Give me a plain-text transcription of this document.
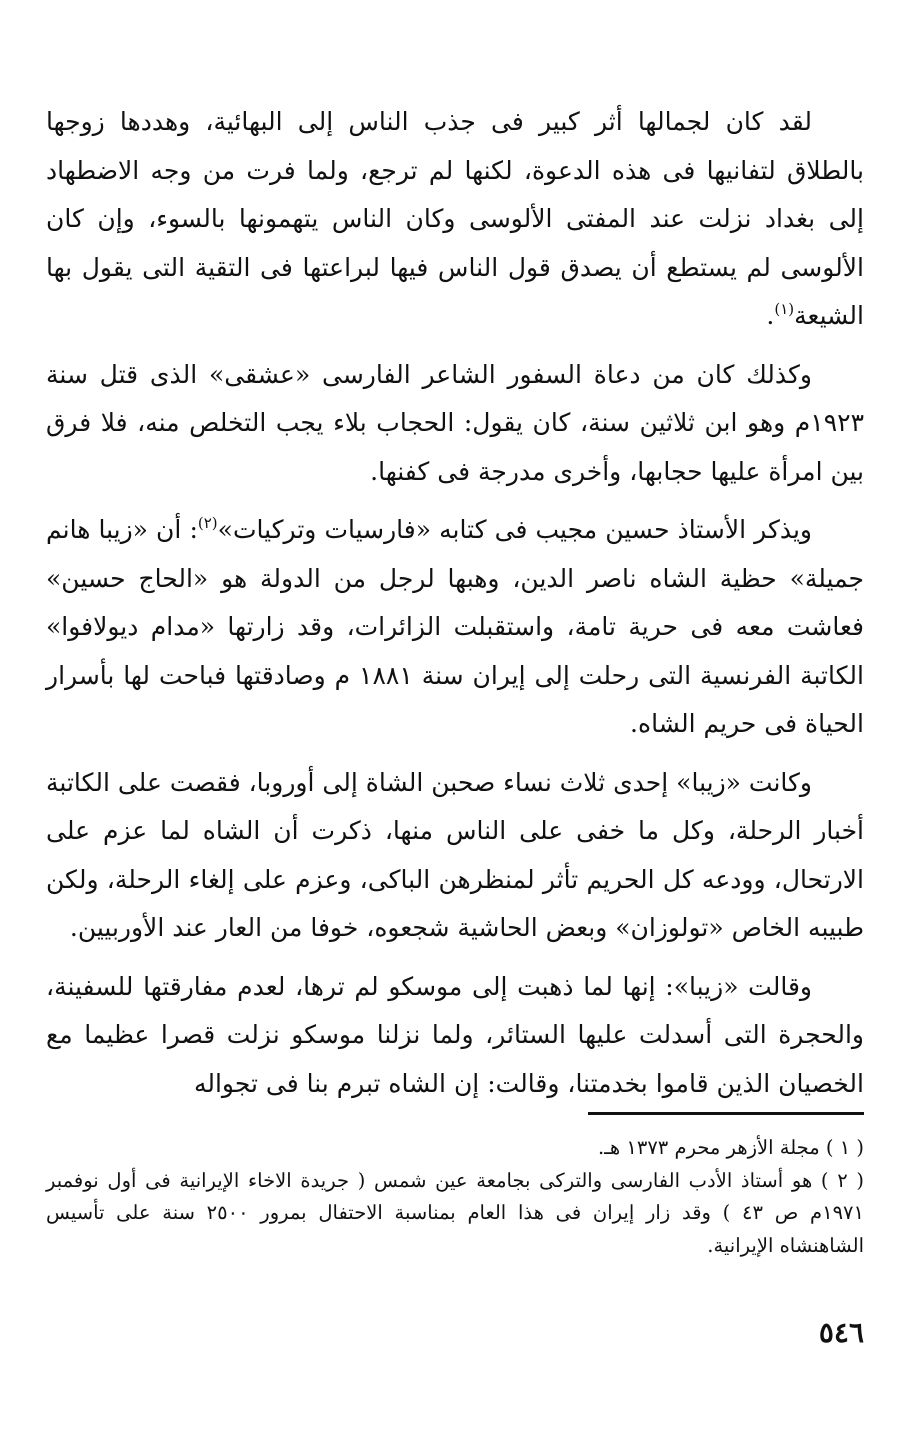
لقد كان لجمالها أثر كبير فى جذب الناس إلى البهائية، وهددها زوجها بالطلاق لتفانيها فى هذه الدعوة، لكنها لم ترجع، ولما فرت من وجه الاضطهاد إلى بغداد نزلت عند المفتى الألوسى وكان الناس يتهمونها بالسوء، وإن كان الألوسى لم يستطع أن يصدق قول الناس فيها لبراعتها فى التقية التى يقول بها الشيعة$^{(١)}$.

وكذلك كان من دعاة السفور الشاعر الفارسى «عشقى» الذى قتل سنة ١٩٢٣م وهو ابن ثلاثين سنة، كان يقول: الحجاب بلاء يجب التخلص منه، فلا فرق بين امرأة عليها حجابها، وأخرى مدرجة فى كفنها.

ويذكر الأستاذ حسين مجيب فى كتابه «فارسيات وتركيات»$^{(٢)}$: أن «زيبا هانم جميلة» حظية الشاه ناصر الدين، وهبها لرجل من الدولة هو «الحاج حسين» فعاشت معه فى حرية تامة، واستقبلت الزائرات، وقد زارتها «مدام ديولافوا» الكاتبة الفرنسية التى رحلت إلى إيران سنة ١٨٨١ م وصادقتها فباحت لها بأسرار الحياة فى حريم الشاه.

وكانت «زيبا» إحدى ثلاث نساء صحبن الشاة إلى أوروبا، فقصت على الكاتبة أخبار الرحلة، وكل ما خفى على الناس منها، ذكرت أن الشاه لما عزم على الارتحال، وودعه كل الحريم تأثر لمنظرهن الباكى، وعزم على إلغاء الرحلة، ولكن طبيبه الخاص «تولوزان» وبعض الحاشية شجعوه، خوفا من العار عند الأوربيين.

وقالت «زيبا»: إنها لما ذهبت إلى موسكو لم ترها، لعدم مفارقتها للسفينة، والحجرة التى أسدلت عليها الستائر، ولما نزلنا موسكو نزلت قصرا عظيما مع الخصيان الذين قاموا بخدمتنا، وقالت: إن الشاه تبرم بنا فى تجواله

( ١ ) مجلة الأزهر محرم ١٣٧٣ هـ.

( ٢ ) هو أستاذ الأدب الفارسى والتركى بجامعة عين شمس ( جريدة الاخاء الإيرانية فى أول نوفمبر ١٩٧١م ص ٤٣ ) وقد زار إيران فى هذا العام بمناسبة الاحتفال بمرور ٢٥٠٠ سنة على تأسيس الشاهنشاه الإيرانية.

٥٤٦
